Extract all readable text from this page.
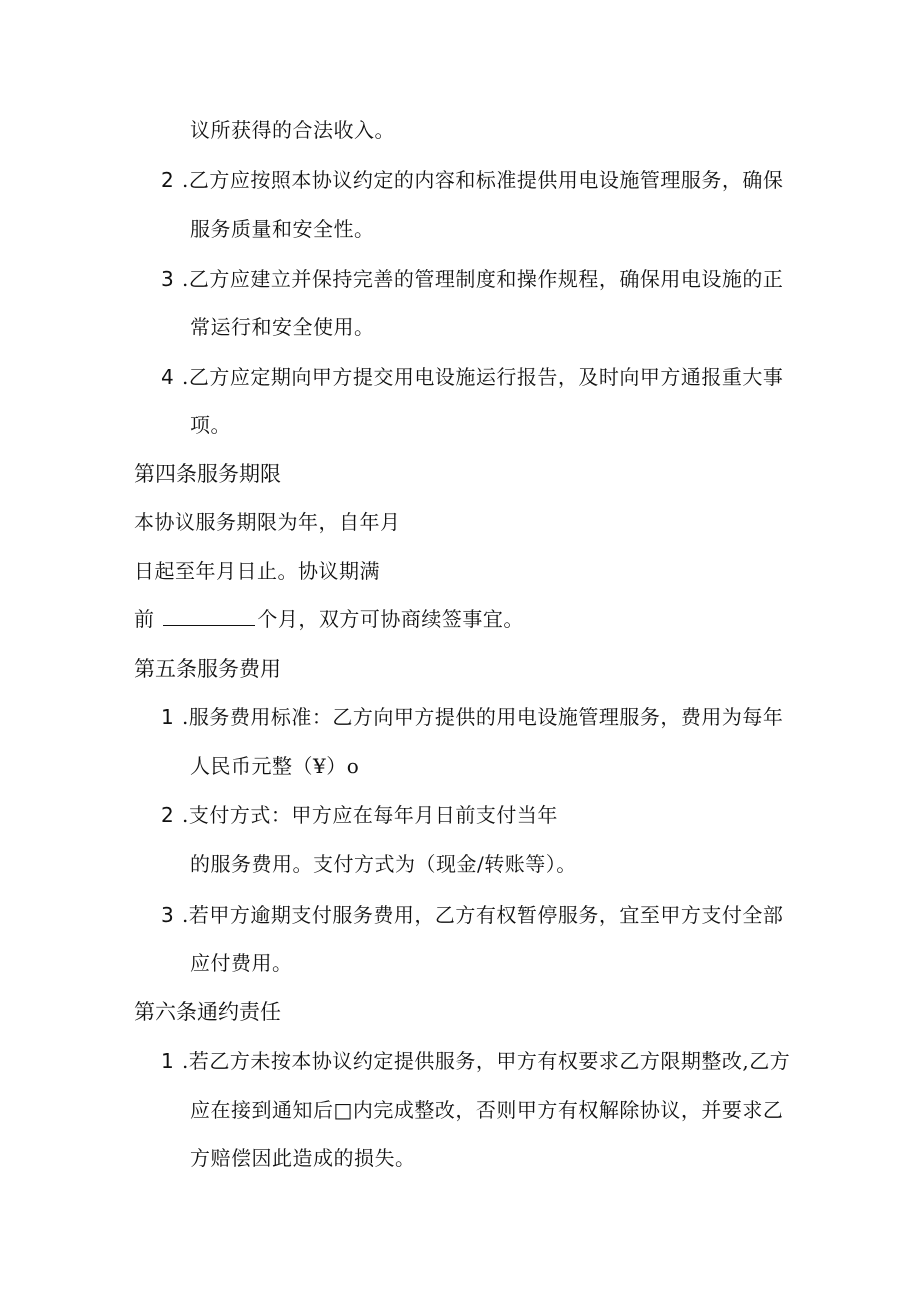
议所获得的合法收入。
2 .乙方应按照本协议约定的内容和标准提供用电设施管理服务，确保
服务质量和安全性。
3 .乙方应建立并保持完善的管理制度和操作规程，确保用电设施的正
常运行和安全使用。
4 .乙方应定期向甲方提交用电设施运行报告，及时向甲方通报重大事
项。
第四条服务期限
本协议服务期限为年，自年月
日起至年月日止。协议期满
前	个月，双方可协商续签事宜。
第五条服务费用
1 .服务费用标准：乙方向甲方提供的用电设施管理服务，费用为每年
人民币元整（¥）o
2 .支付方式：甲方应在每年月日前支付当年
的服务费用。支付方式为（现金/转账等）。
3 .若甲方逾期支付服务费用，乙方有权暂停服务，宜至甲方支付全部
应付费用。
第六条通约责任
1 .若乙方未按本协议约定提供服务，甲方有权要求乙方限期整改,乙方
应在接到通知后□内完成整改，否则甲方有权解除协议，并要求乙
方赔偿因此造成的损失。
